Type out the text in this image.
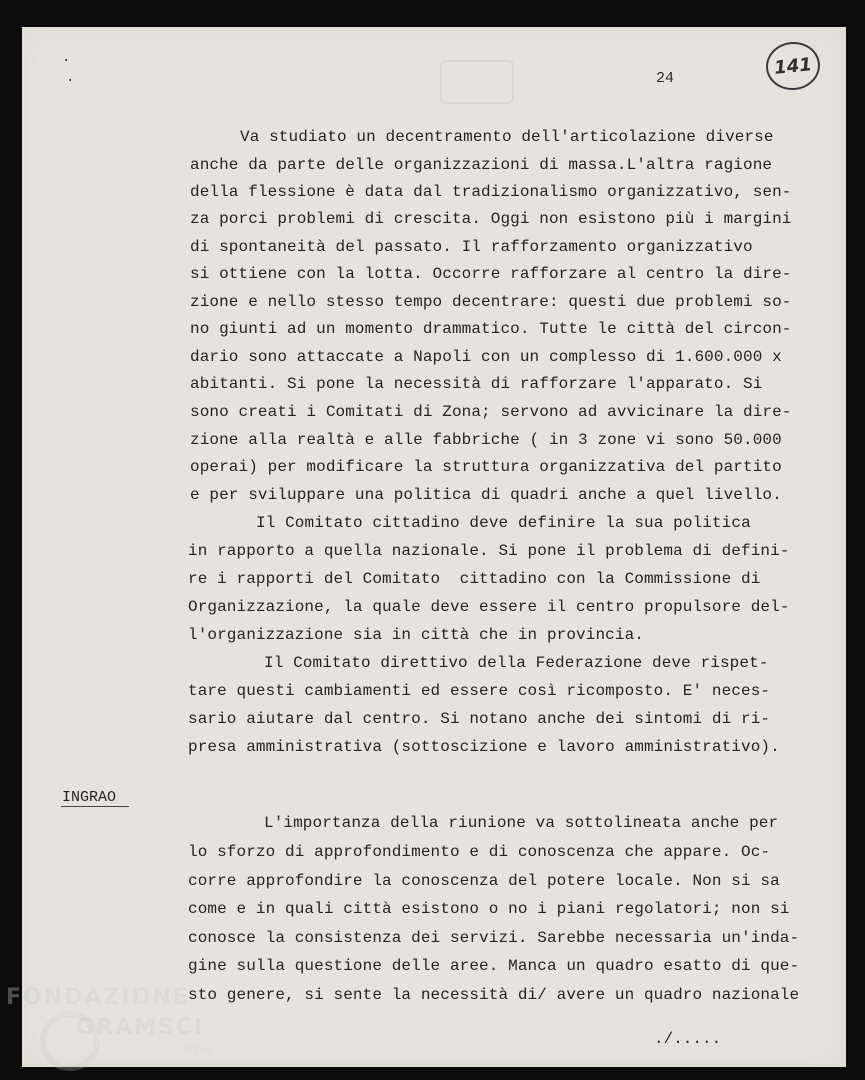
.
.	24
141
Va studiato un decentramento dell'articolazione diverse
anche da parte delle organizzazioni di massa.L'altra ragione
della flessione è data dal tradizionalismo organizzativo, sen-
za porci problemi di crescita. Oggi non esistono più i margini
di spontaneità del passato. Il rafforzamento organizzativo
si ottiene con la lotta. Occorre rafforzare al centro la dire-
zione e nello stesso tempo decentrare: questi due problemi so-
no giunti ad un momento drammatico. Tutte le città del circon-
dario sono attaccate a Napoli con un complesso di 1.600.000 x
abitanti. Si pone la necessità di rafforzare l'apparato. Si
sono creati i Comitati di Zona; servono ad avvicinare la dire-
zione alla realtà e alle fabbriche ( in 3 zone vi sono 50.000
operai) per modificare la struttura organizzativa del partito
e per sviluppare una politica di quadri anche a quel livello.
Il Comitato cittadino deve definire la sua politica
in rapporto a quella nazionale. Si pone il problema di defini-
re i rapporti del Comitato  cittadino con la Commissione di
Organizzazione, la quale deve essere il centro propulsore del-
l'organizzazione sia in città che in provincia.
Il Comitato direttivo della Federazione deve rispet-
tare questi cambiamenti ed essere così ricomposto. E' neces-
sario aiutare dal centro. Si notano anche dei sintomi di ri-
presa amministrativa (sottoscizione e lavoro amministrativo).
INGRAO
L'importanza della riunione va sottolineata anche per
lo sforzo di approfondimento e di conoscenza che appare. Oc-
corre approfondire la conoscenza del potere locale. Non si sa
come e in quali città esistono o no i piani regolatori; non si
conosce la consistenza dei servizi. Sarebbe necessaria un'inda-
gine sulla questione delle aree. Manca un quadro esatto di que-
sto genere, si sente la necessità di/ avere un quadro nazionale
./.....
FONDAZIONE
GRAMSCI
onlus
